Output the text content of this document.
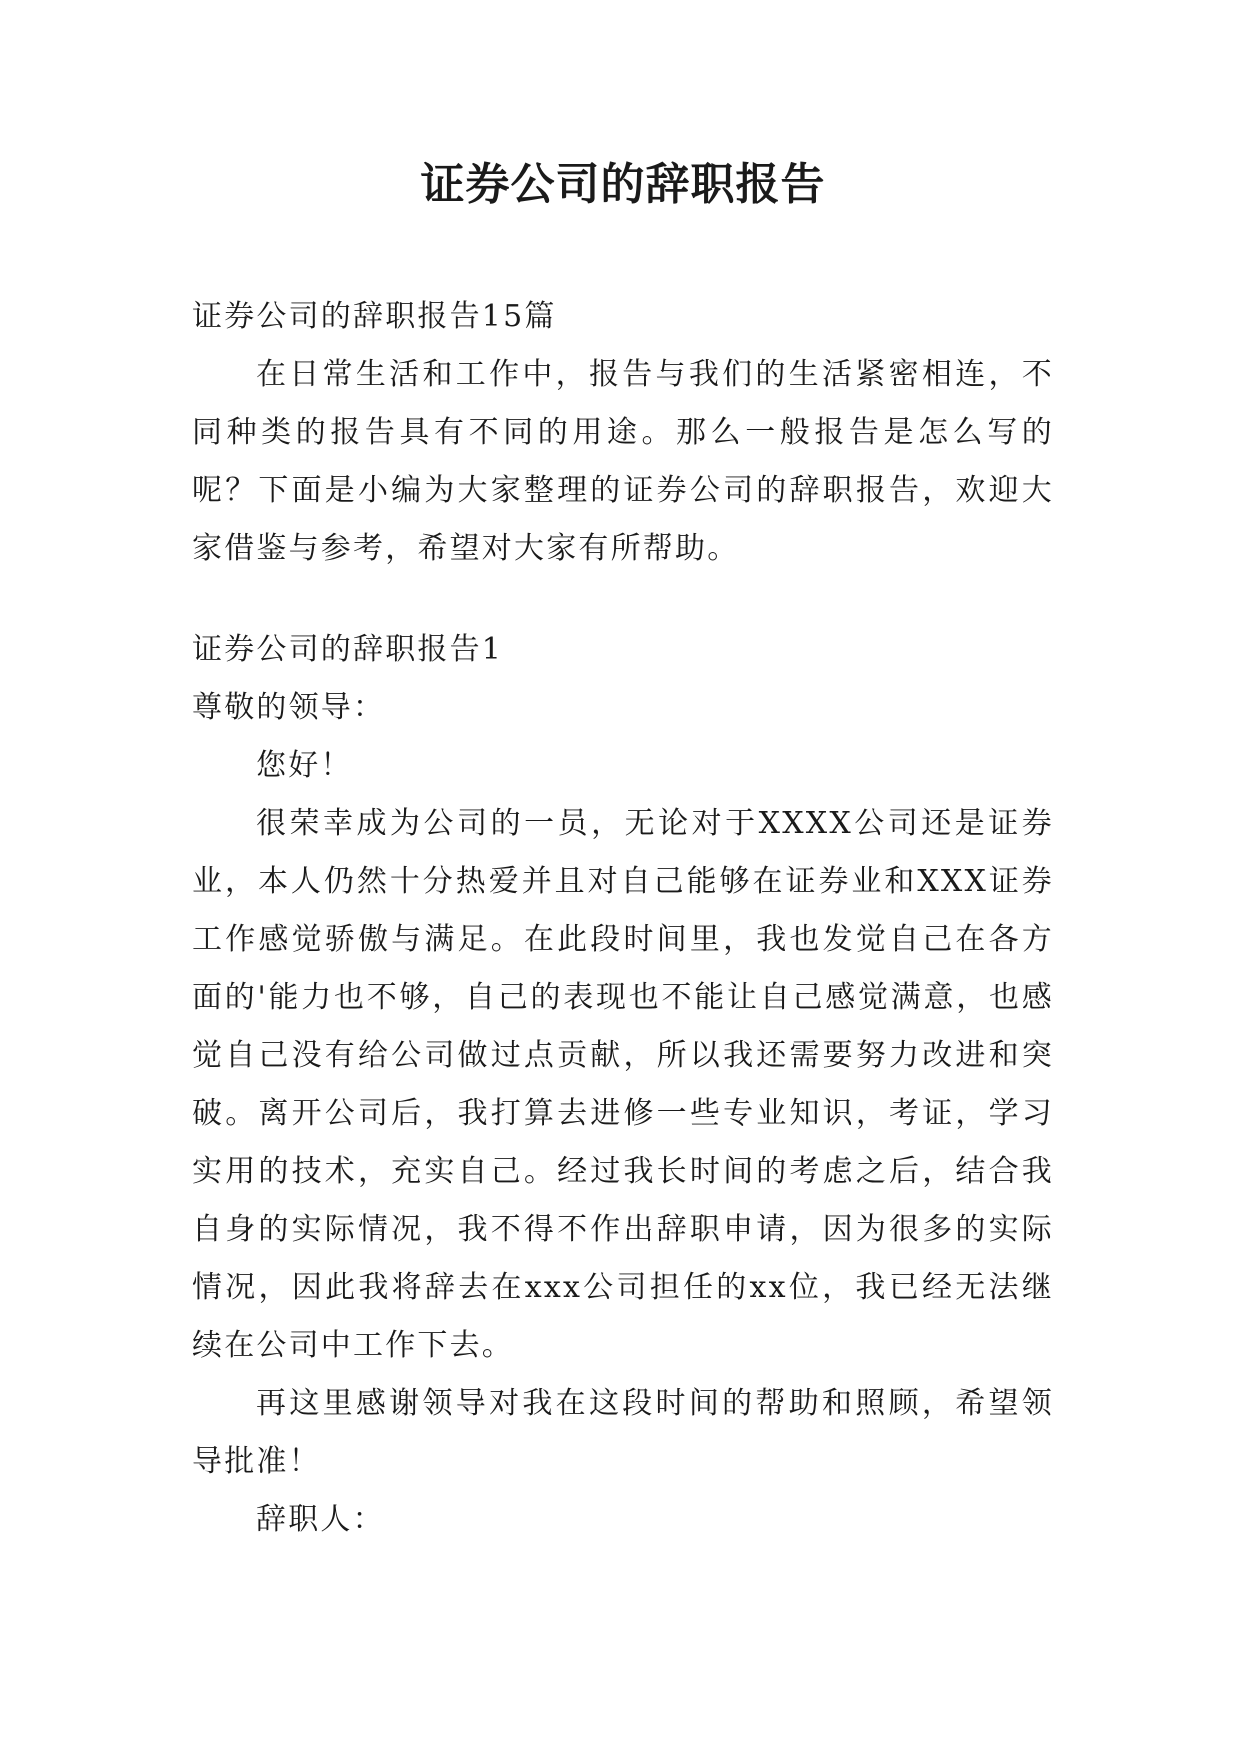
证券公司的辞职报告

证券公司的辞职报告15篇

在日常生活和工作中，报告与我们的生活紧密相连，不同种类的报告具有不同的用途。那么一般报告是怎么写的呢？下面是小编为大家整理的证券公司的辞职报告，欢迎大家借鉴与参考，希望对大家有所帮助。

证券公司的辞职报告1

尊敬的领导：

您好！

很荣幸成为公司的一员，无论对于XXXX公司还是证券业，本人仍然十分热爱并且对自己能够在证券业和XXX证券工作感觉骄傲与满足。在此段时间里，我也发觉自己在各方面的'能力也不够，自己的表现也不能让自己感觉满意，也感觉自己没有给公司做过点贡献，所以我还需要努力改进和突破。离开公司后，我打算去进修一些专业知识，考证，学习实用的技术，充实自己。经过我长时间的考虑之后，结合我自身的实际情况，我不得不作出辞职申请，因为很多的实际情况，因此我将辞去在xxx公司担任的xx位，我已经无法继续在公司中工作下去。

再这里感谢领导对我在这段时间的帮助和照顾，希望领导批准！

辞职人：
